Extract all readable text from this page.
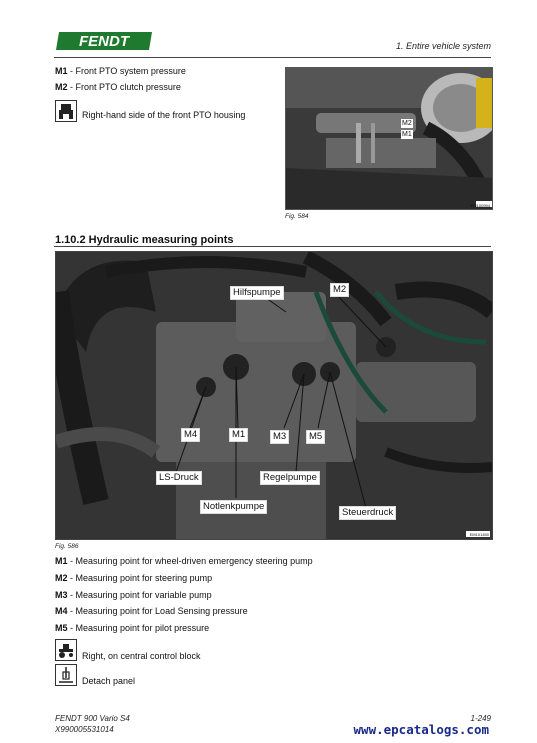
FENDT	1. Entire vehicle system
M1 - Front PTO system pressure
M2 - Front PTO clutch pressure
Right-hand side of the front PTO housing
M2
M1
EM100994
Fig. 584
1.10.2 Hydraulic measuring points
Hilfspumpe	M2
M4	M1	M3	M5
LS-Druck	Regelpumpe
Notlenkpumpe
Steuerdruck
EM101450
Fig. 586
M1 - Measuring point for wheel-driven emergency steering pump
M2 - Measuring point for steering pump
M3 - Measuring point for variable pump
M4 - Measuring point for Load Sensing pressure
M5 - Measuring point for pilot pressure
Right, on central control block
Detach panel
FENDT 900 Vario S4
X990005531014
1-249
www.epcatalogs.com
